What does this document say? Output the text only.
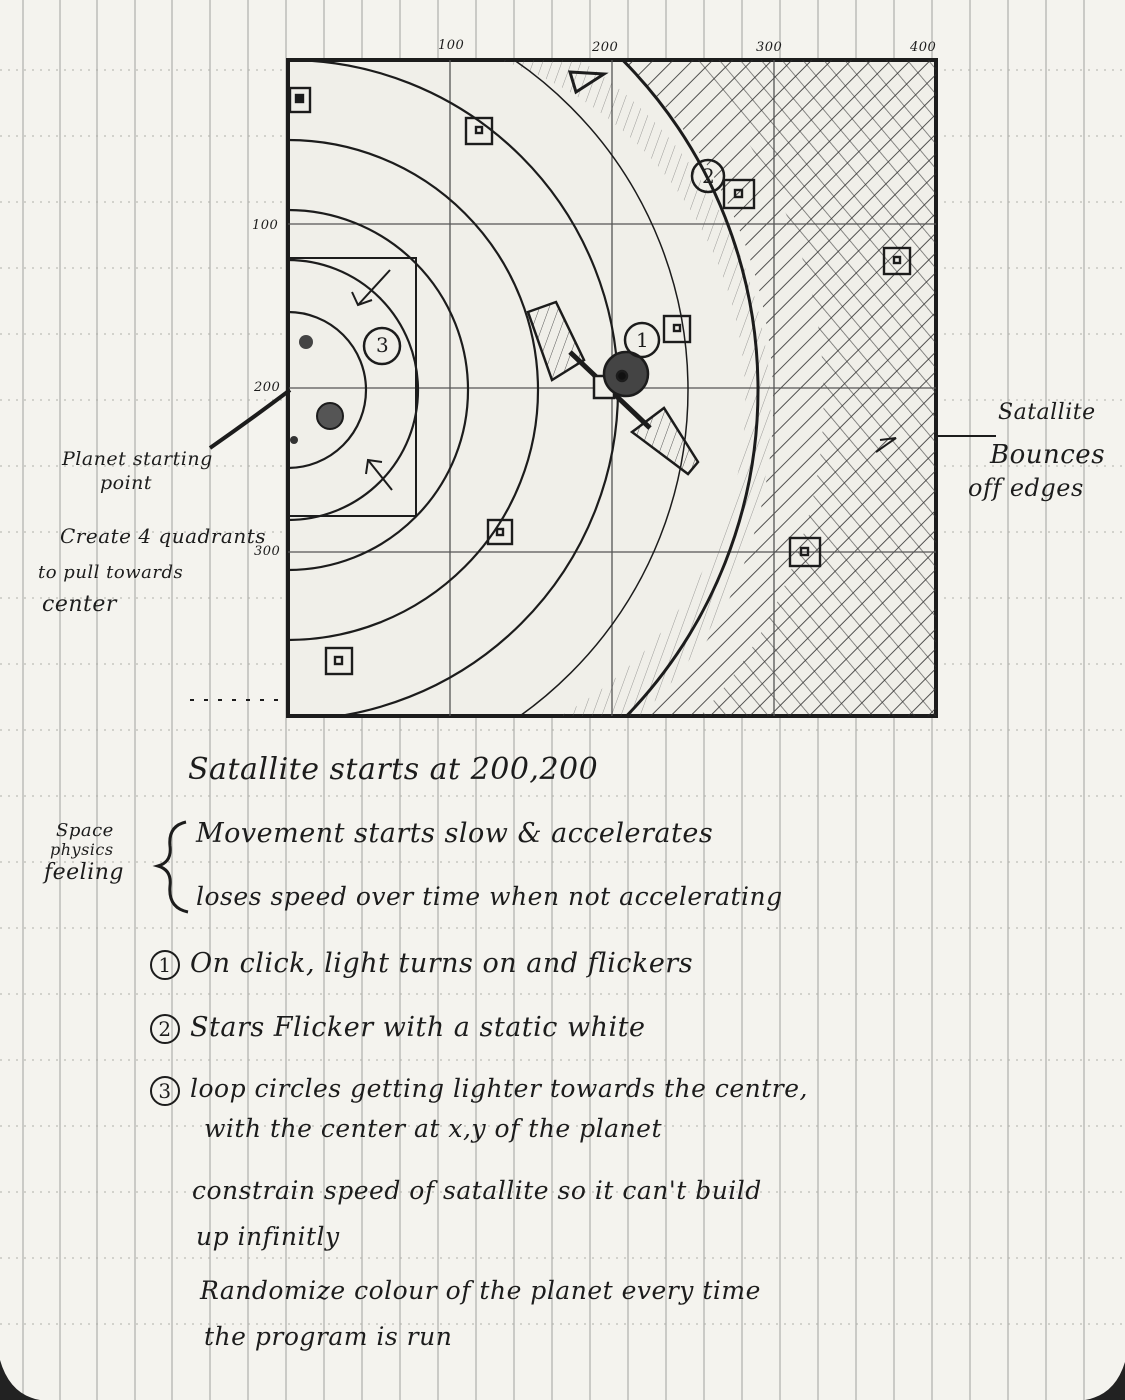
100	200	300	400
100
200
300
1
2
3
Satallite
Bounces
off edges
Planet starting
point
Create 4 quadrants
to pull towards
center
Satallite starts at 200,200
Space
physics
feeling
Movement starts slow & accelerates
loses speed over time when not accelerating
1 On click, light turns on and flickers
2 Stars Flicker with a static white
3 loop circles getting lighter towards the centre,
with the center at x,y of the planet
constrain speed of satallite so it can't build
up infinitly
Randomize colour of the planet every time
the program is run
